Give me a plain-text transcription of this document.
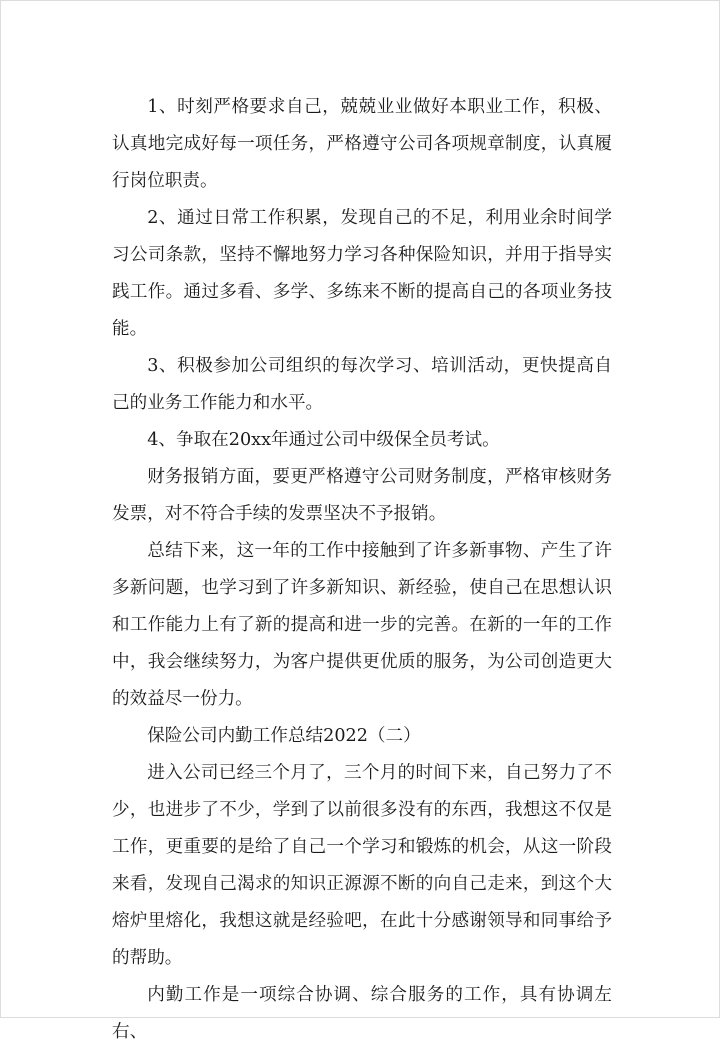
1、时刻严格要求自己，兢兢业业做好本职业工作，积极、认真地完成好每一项任务，严格遵守公司各项规章制度，认真履行岗位职责。

2、通过日常工作积累，发现自己的不足，利用业余时间学习公司条款，坚持不懈地努力学习各种保险知识，并用于指导实践工作。通过多看、多学、多练来不断的提高自己的各项业务技能。

3、积极参加公司组织的每次学习、培训活动，更快提高自己的业务工作能力和水平。

4、争取在20xx年通过公司中级保全员考试。

财务报销方面，要更严格遵守公司财务制度，严格审核财务发票，对不符合手续的发票坚决不予报销。

总结下来，这一年的工作中接触到了许多新事物、产生了许多新问题，也学习到了许多新知识、新经验，使自己在思想认识和工作能力上有了新的提高和进一步的完善。在新的一年的工作中，我会继续努力，为客户提供更优质的服务，为公司创造更大的效益尽一份力。

保险公司内勤工作总结2022（二）

进入公司已经三个月了，三个月的时间下来，自己努力了不少，也进步了不少，学到了以前很多没有的东西，我想这不仅是工作，更重要的是给了自己一个学习和锻炼的机会，从这一阶段来看，发现自己渴求的知识正源源不断的向自己走来，到这个大熔炉里熔化，我想这就是经验吧，在此十分感谢领导和同事给予的帮助。

内勤工作是一项综合协调、综合服务的工作，具有协调左右、
